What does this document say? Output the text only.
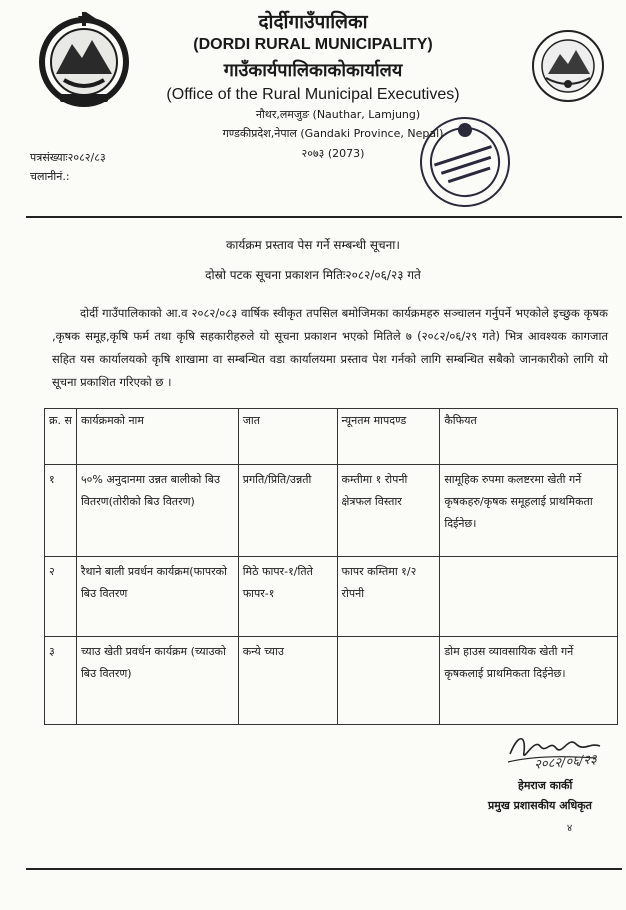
दोर्दीगाउँपालिका
(DORDI RURAL MUNICIPALITY)
गाउँकार्यपालिकाकोकार्यालय
(Office of the Rural Municipal Executives)
नौथर,लमजुङ (Nauthar, Lamjung)
गण्डकीप्रदेश,नेपाल (Gandaki Province, Nepal)
२०७३ (2073)
पत्रसंख्याः२०८२/८३
चलानीनं.:
कार्यक्रम प्रस्ताव पेस गर्ने सम्बन्धी सूचना।
दोस्रो पटक सूचना प्रकाशन मितिः२०८२/०६/२३ गते
दोर्दी गाउँपालिकाको आ.व २०८२/०८३ वार्षिक स्वीकृत तपसिल बमोजिमका कार्यक्रमहरु सञ्चालन गर्नुपर्ने भएकोले इच्छुक कृषक ,कृषक समूह,कृषि फर्म तथा कृषि सहकारीहरुले यो सूचना प्रकाशन भएको मितिले ७ (२०८२/०६/२९ गते) भित्र आवश्यक कागजात सहित यस कार्यालयको कृषि शाखामा वा सम्बन्धित वडा कार्यालयमा प्रस्ताव पेश गर्नको लागि सम्बन्धित सबैको जानकारीको लागि यो सूचना प्रकाशित गरिएको छ ।
क्र. स	कार्यक्रमको नाम	जात	न्यूनतम मापदण्ड	कैफियत
१	५०% अनुदानमा उन्नत बालीको बिउ वितरण(तोरीको बिउ वितरण)	प्रगति/प्रिति/उन्नती	कम्तीमा १ रोपनी क्षेत्रफल विस्तार	सामूहिक रुपमा कलष्टरमा खेती गर्ने कृषकहरु/कृषक समूहलाई प्राथमिकता दिईनेछ।
२	रैथाने बाली प्रवर्धन कार्यक्रम(फापरको बिउ वितरण	मिठे फापर-१/तिते फापर-१	फापर कम्तिमा १/२ रोपनी	
३	च्याउ खेती प्रवर्धन कार्यक्रम (च्याउको बिउ वितरण)	कन्ये च्याउ		डोम हाउस व्यावसायिक खेती गर्ने कृषकलाई प्राथमिकता दिईनेछ।
२०८२/०६/२३
हेमराज कार्की
प्रमुख प्रशासकीय अधिकृत
४
